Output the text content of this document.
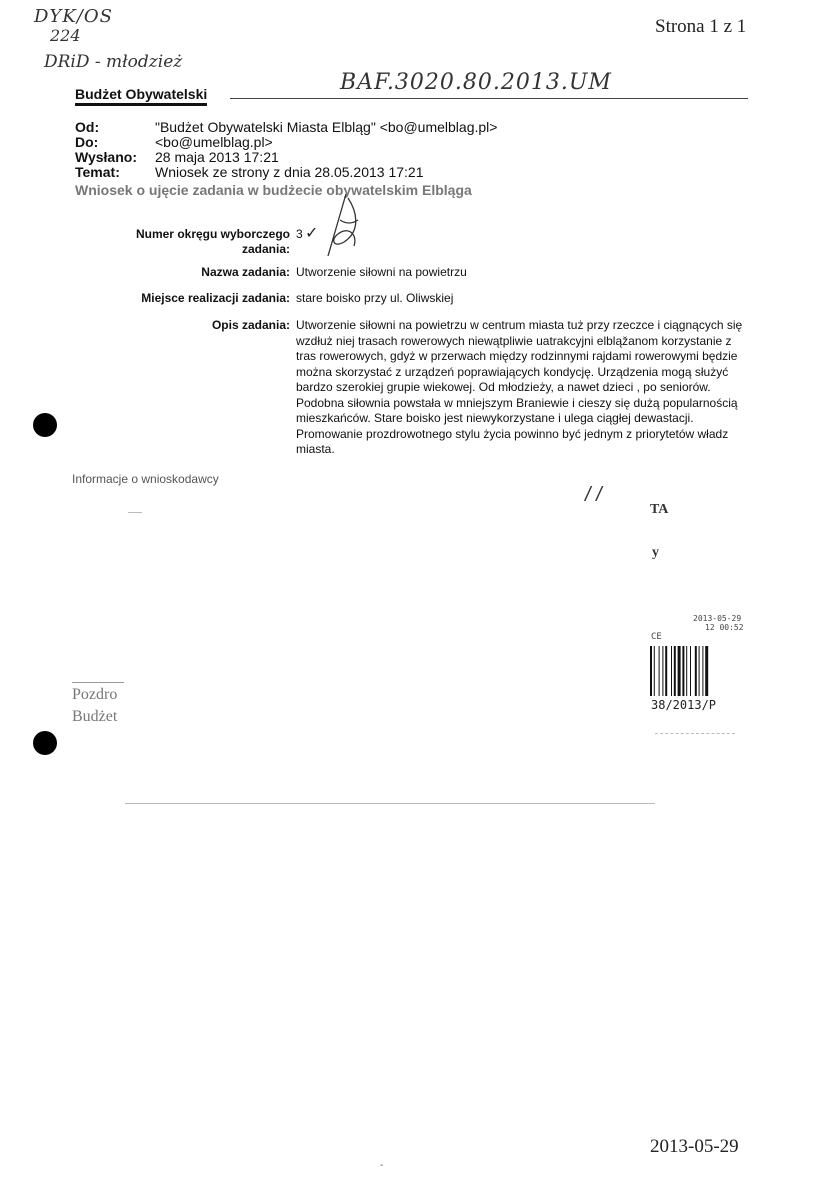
Strona 1 z 1
DYK/OS
224
DRiD - młodzież
BAF.3020.80.2013.UM
Budżet Obywatelski
Od:	"Budżet Obywatelski Miasta Elbląg" <bo@umelblag.pl>
Do:	<bo@umelblag.pl>
Wysłano:	28 maja 2013 17:21
Temat:	Wniosek ze strony z dnia 28.05.2013 17:21
Wniosek o ujęcie zadania w budżecie obywatelskim Elbląga
Numer okręgu wyborczego
zadania:
3 ✓
Nazwa zadania: Utworzenie siłowni na powietrzu
Miejsce realizacji zadania: stare boisko przy ul. Oliwskiej
Opis zadania: Utworzenie siłowni na powietrzu w centrum miasta tuż przy rzeczce i ciągnących się wzdłuż niej trasach rowerowych niewątpliwie uatrakcyjni elbląžanom korzystanie z tras rowerowych, gdyż w przerwach między rodzinnymi rajdami rowerowymi będzie można skorzystać z urządzeń poprawiających kondycję. Urządzenia mogą służyć bardzo szerokiej grupie wiekowej. Od młodzieży, a nawet dzieci , po seniorów. Podobna siłownia powstała w mniejszym Braniewie i cieszy się dużą popularnością mieszkańców. Stare boisko jest niewykorzystane i ulega ciągłej dewastacji. Promowanie prozdrowotnego stylu życia powinno być jednym z priorytetów władz miasta.
Informacje o wnioskodawcy
/ /
TA
y
2013-05-29
12 00:52
CE
38/2013/P
Pozdro
Budżet
2013-05-29
-
